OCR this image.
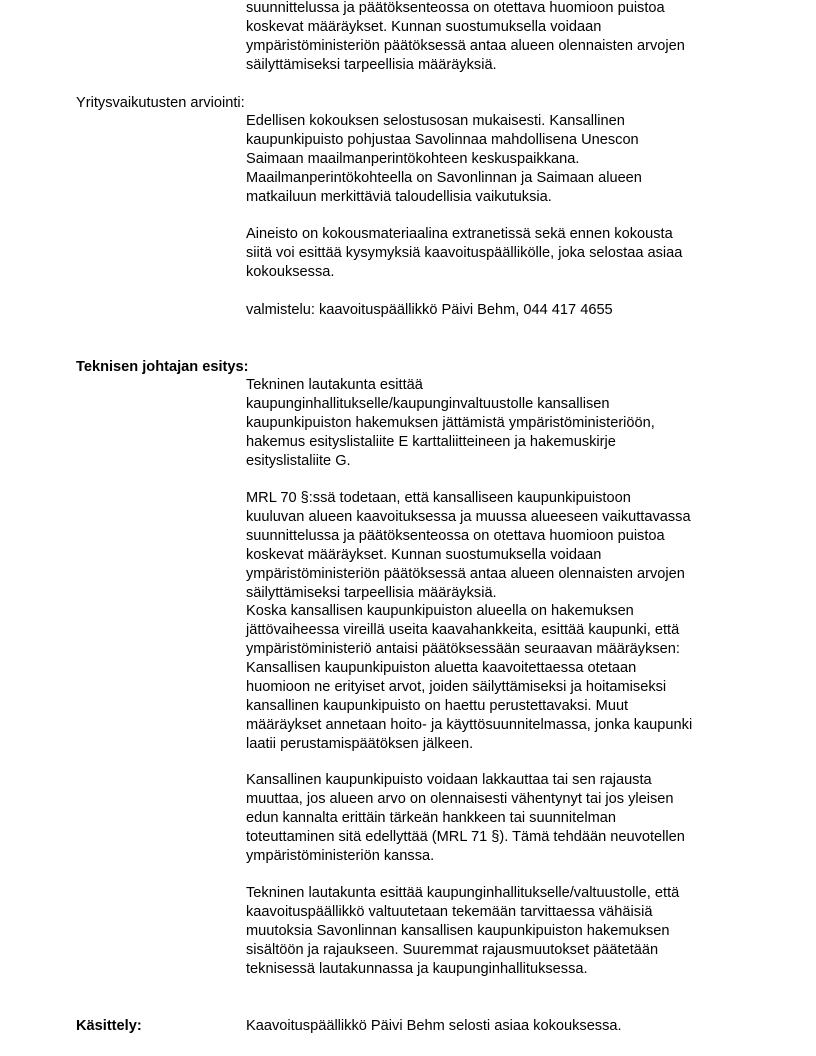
suunnittelussa ja päätöksenteossa on otettava huomioon puistoa
koskevat määräykset. Kunnan suostumuksella voidaan
ympäristöministeriön päätöksessä antaa alueen olennaisten arvojen
säilyttämiseksi tarpeellisia määräyksiä.
Yritysvaikutusten arviointi:
Edellisen kokouksen selostusosan mukaisesti. Kansallinen
kaupunkipuisto pohjustaa Savolinnaa mahdollisena Unescon
Saimaan maailmanperintökohteen keskuspaikkana.
Maailmanperintökohteella on Savonlinnan ja Saimaan alueen
matkailuun merkittäviä taloudellisia vaikutuksia.
Aineisto on kokousmateriaalina extranetissä sekä ennen kokousta
siitä voi esittää kysymyksiä kaavoituspäällikölle, joka selostaa asiaa
kokouksessa.
valmistelu: kaavoituspäällikkö Päivi Behm, 044 417 4655
Teknisen johtajan esitys:
Tekninen lautakunta esittää
kaupunginhallitukselle/kaupunginvaltuustolle kansallisen
kaupunkipuiston hakemuksen jättämistä ympäristöministeriöön,
hakemus esityslistaliite E karttaliitteineen ja hakemuskirje
esityslistaliite G.
MRL 70 §:ssä todetaan, että kansalliseen kaupunkipuistoon
kuuluvan alueen kaavoituksessa ja muussa alueeseen vaikuttavassa
suunnittelussa ja päätöksenteossa on otettava huomioon puistoa
koskevat määräykset. Kunnan suostumuksella voidaan
ympäristöministeriön päätöksessä antaa alueen olennaisten arvojen
säilyttämiseksi tarpeellisia määräyksiä.
Koska kansallisen kaupunkipuiston alueella on hakemuksen
jättövaiheessa vireillä useita kaavahankkeita, esittää kaupunki, että
ympäristöministeriö antaisi päätöksessään seuraavan määräyksen:
Kansallisen kaupunkipuiston aluetta kaavoitettaessa otetaan
huomioon ne erityiset arvot, joiden säilyttämiseksi ja hoitamiseksi
kansallinen kaupunkipuisto on haettu perustettavaksi. Muut
määräykset annetaan hoito- ja käyttösuunnitelmassa, jonka kaupunki
laatii perustamispäätöksen jälkeen.
Kansallinen kaupunkipuisto voidaan lakkauttaa tai sen rajausta
muuttaa, jos alueen arvo on olennaisesti vähentynyt tai jos yleisen
edun kannalta erittäin tärkeän hankkeen tai suunnitelman
toteuttaminen sitä edellyttää (MRL 71 §). Tämä tehdään neuvotellen
ympäristöministeriön kanssa.
Tekninen lautakunta esittää kaupunginhallitukselle/valtuustolle, että
kaavoituspäällikkö valtuutetaan tekemään tarvittaessa vähäisiä
muutoksia Savonlinnan kansallisen kaupunkipuiston hakemuksen
sisältöön ja rajaukseen. Suuremmat rajausmuutokset päätetään
teknisessä lautakunnassa ja kaupunginhallituksessa.
Käsittely:	Kaavoituspäällikkö Päivi Behm selosti asiaa kokouksessa.
